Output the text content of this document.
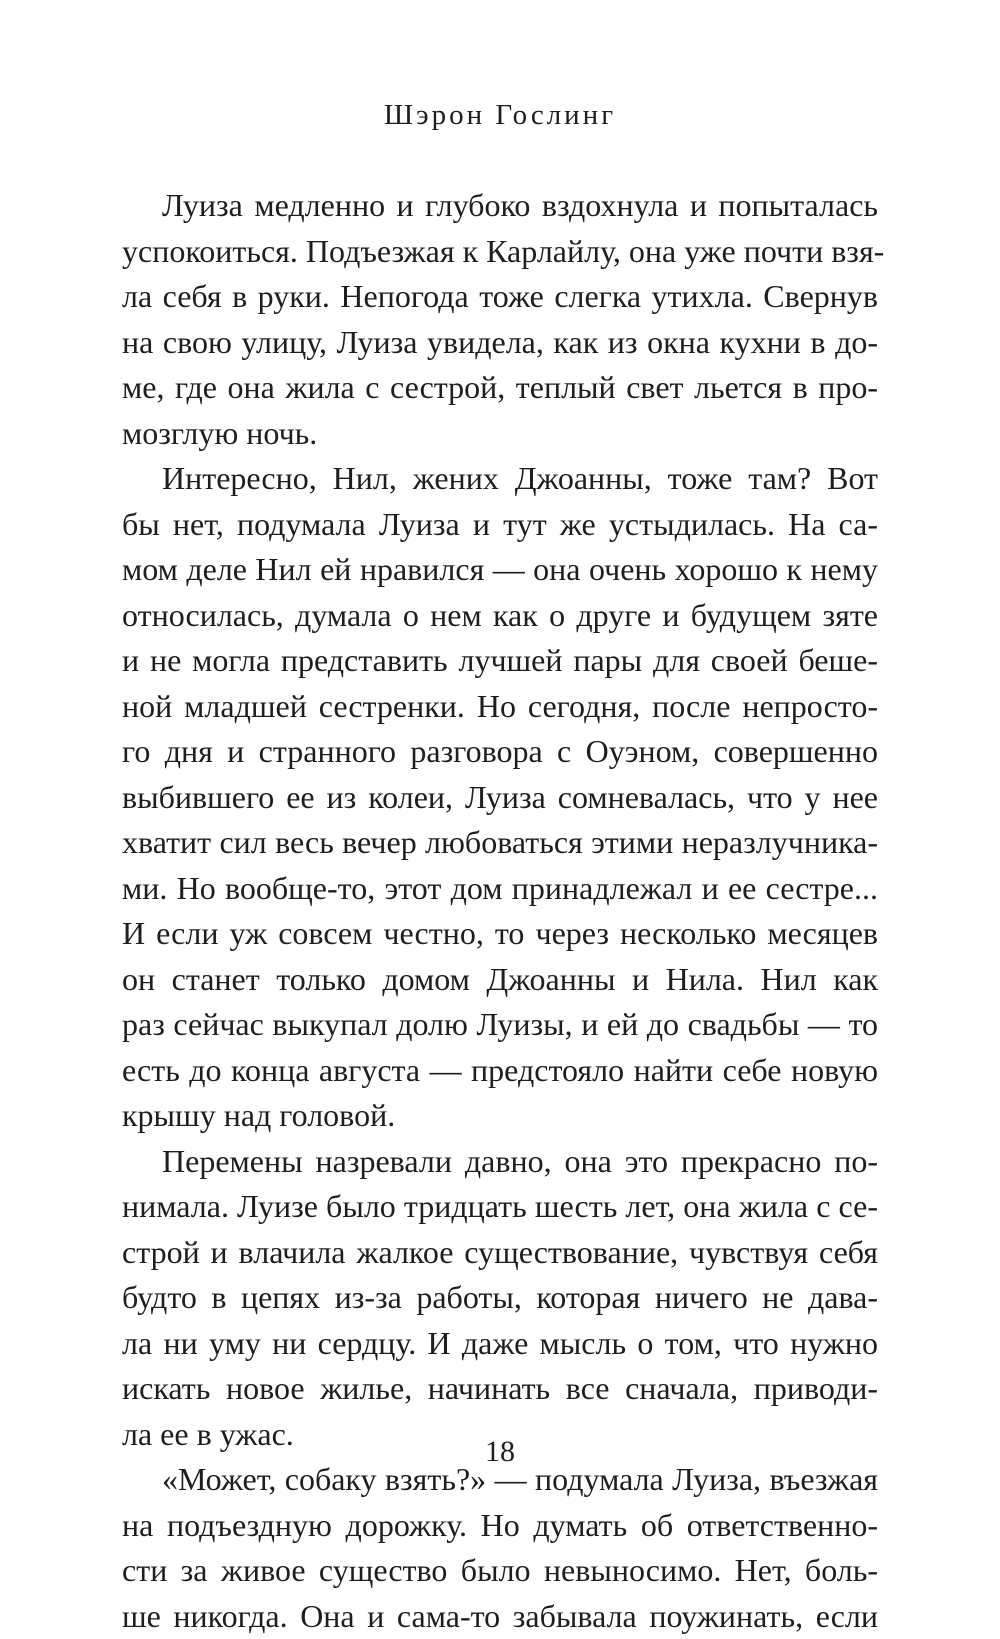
Шэрон Гослинг
Луиза медленно и глубоко вздохнула и попыталась
успокоиться. Подъезжая к Карлайлу, она уже почти взя-
ла себя в руки. Непогода тоже слегка утихла. Свернув
на свою улицу, Луиза увидела, как из окна кухни в до-
ме, где она жила с сестрой, теплый свет льется в про-
мозглую ночь.
Интересно, Нил, жених Джоанны, тоже там? Вот
бы нет, подумала Луиза и тут же устыдилась. На са-
мом деле Нил ей нравился — она очень хорошо к нему
относилась, думала о нем как о друге и будущем зяте
и не могла представить лучшей пары для своей беше-
ной младшей сестренки. Но сегодня, после непросто-
го дня и странного разговора с Оуэном, совершенно
выбившего ее из колеи, Луиза сомневалась, что у нее
хватит сил весь вечер любоваться этими неразлучника-
ми. Но вообще-то, этот дом принадлежал и ее сестре...
И если уж совсем честно, то через несколько месяцев
он станет только домом Джоанны и Нила. Нил как
раз сейчас выкупал долю Луизы, и ей до свадьбы — то
есть до конца августа — предстояло найти себе новую
крышу над головой.
Перемены назревали давно, она это прекрасно по-
нимала. Луизе было тридцать шесть лет, она жила с се-
строй и влачила жалкое существование, чувствуя себя
будто в цепях из-за работы, которая ничего не дава-
ла ни уму ни сердцу. И даже мысль о том, что нужно
искать новое жилье, начинать все сначала, приводи-
ла ее в ужас.
«Может, собаку взять?» — подумала Луиза, въезжая
на подъездную дорожку. Но думать об ответственно-
сти за живое существо было невыносимо. Нет, боль-
ше никогда. Она и сама-то забывала поужинать, если
18
